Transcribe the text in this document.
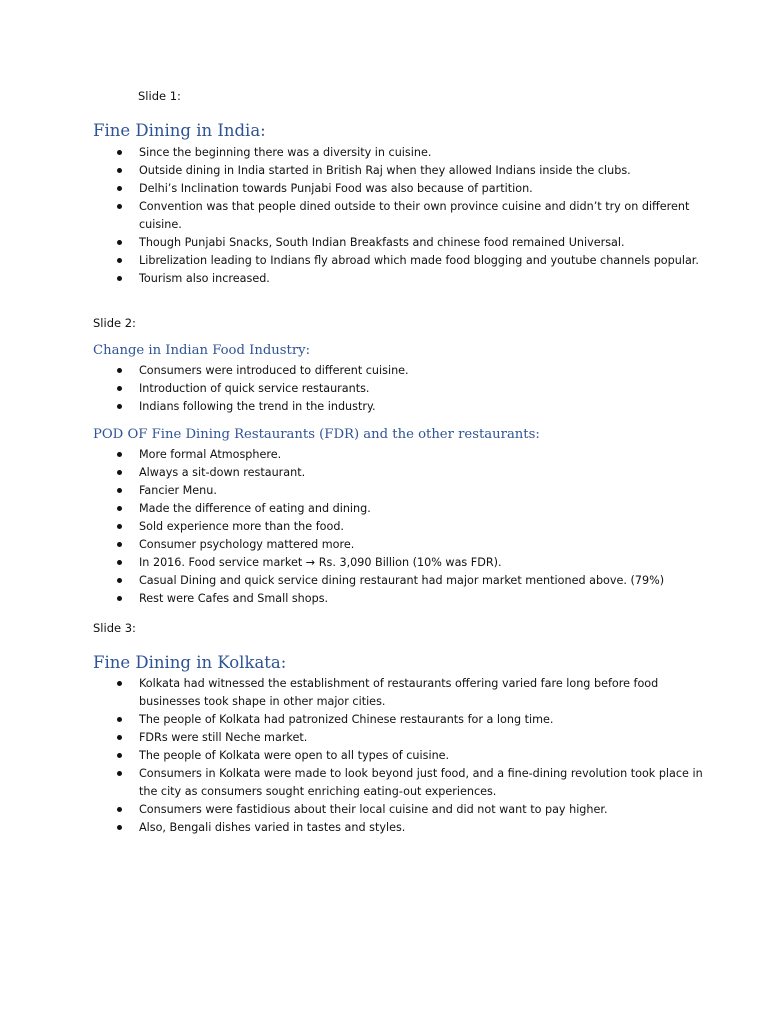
Slide 1:
Fine Dining in India:
Since the beginning there was a diversity in cuisine.
Outside dining in India started in British Raj when they allowed Indians inside the clubs.
Delhi’s Inclination towards Punjabi Food was also because of partition.
Convention was that people dined outside to their own province cuisine and didn’t try on different cuisine.
Though Punjabi Snacks, South Indian Breakfasts and chinese food remained Universal.
Librelization leading to Indians fly abroad which made food blogging and youtube channels popular.
Tourism also increased.
Slide 2:
Change in Indian Food Industry:
Consumers were introduced to different cuisine.
Introduction of quick service restaurants.
Indians following the trend in the industry.
POD OF Fine Dining Restaurants (FDR) and the other restaurants:
More formal Atmosphere.
Always a sit-down restaurant.
Fancier Menu.
Made the difference of eating and dining.
Sold experience more than the food.
Consumer psychology mattered more.
In 2016. Food service market → Rs. 3,090 Billion (10% was FDR).
Casual Dining and quick service dining restaurant had major market mentioned above. (79%)
Rest were Cafes and Small shops.
Slide 3:
Fine Dining in Kolkata:
Kolkata had witnessed the establishment of restaurants offering varied fare long before food businesses took shape in other major cities.
The people of Kolkata had patronized Chinese restaurants for a long time.
FDRs were still Neche market.
The people of Kolkata were open to all types of cuisine.
Consumers in Kolkata were made to look beyond just food, and a fine-dining revolution took place in the city as consumers sought enriching eating-out experiences.
Consumers were fastidious about their local cuisine and did not want to pay higher.
Also, Bengali dishes varied in tastes and styles.
